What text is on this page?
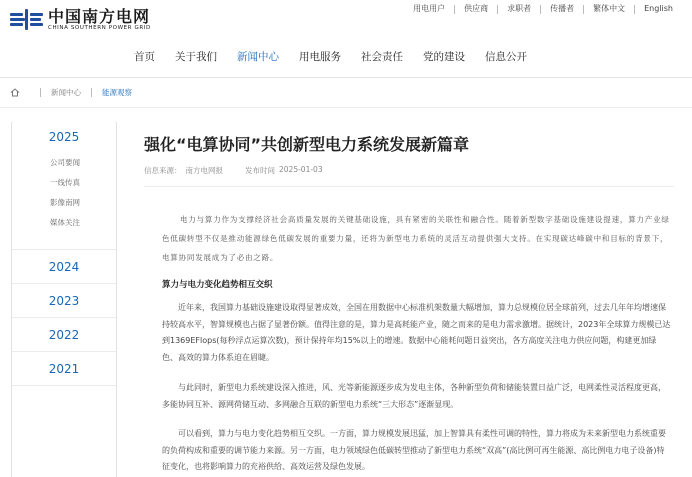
中国南方电网
CHINA SOUTHERN POWER GRID
用电用户	供应商	求职者	传播者	繁体中文	English
首页 关于我们 新闻中心 用电服务 社会责任 党的建设 信息公开
新闻中心	能源观察
2025
公司要闻
一线传真
影像南网
媒体关注
2024
2023
2022
2021
强化“电算协同”共创新型电力系统发展新篇章
信息来源： 南方电网报	发布时间 2025-01-03
电力与算力作为支撑经济社会高质量发展的关键基础设施，具有紧密的关联性和融合性。随着新型数字基础设施建设提速，算力产业绿色低碳转型不仅是推动能源绿色低碳发展的重要力量，还将为新型电力系统的灵活互动提供强大支持。在实现碳达峰碳中和目标的背景下，电算协同发展成为了必由之路。
算力与电力变化趋势相互交织
近年来，我国算力基础设施建设取得显著成效，全国在用数据中心标准机架数量大幅增加，算力总规模位居全球前列，过去几年年均增速保持较高水平，智算规模也占据了显著份额。值得注意的是，算力是高耗能产业，随之而来的是电力需求激增。据统计，2023年全球算力规模已达到1369EFlops(每秒浮点运算次数)，预计保持年均15%以上的增速。数据中心能耗问题日益突出，各方高度关注电力供应问题，构建更加绿色、高效的算力体系迫在眉睫。
与此同时，新型电力系统建设深入推进，风、光等新能源逐步成为发电主体，各种新型负荷和储能装置日益广泛，电网柔性灵活程度更高，多能协同互补、源网荷储互动、多网融合互联的新型电力系统“三大形态”逐渐显现。
可以看到，算力与电力变化趋势相互交织。一方面，算力规模发展迅猛，加上智算具有柔性可调的特性，算力将成为未来新型电力系统重要的负荷构成和重要的调节能力来源。另一方面，电力领域绿色低碳转型推动了新型电力系统“双高”(高比例可再生能源、高比例电力电子设备)特征变化，也将影响算力的充裕供给、高效运营及绿色发展。
